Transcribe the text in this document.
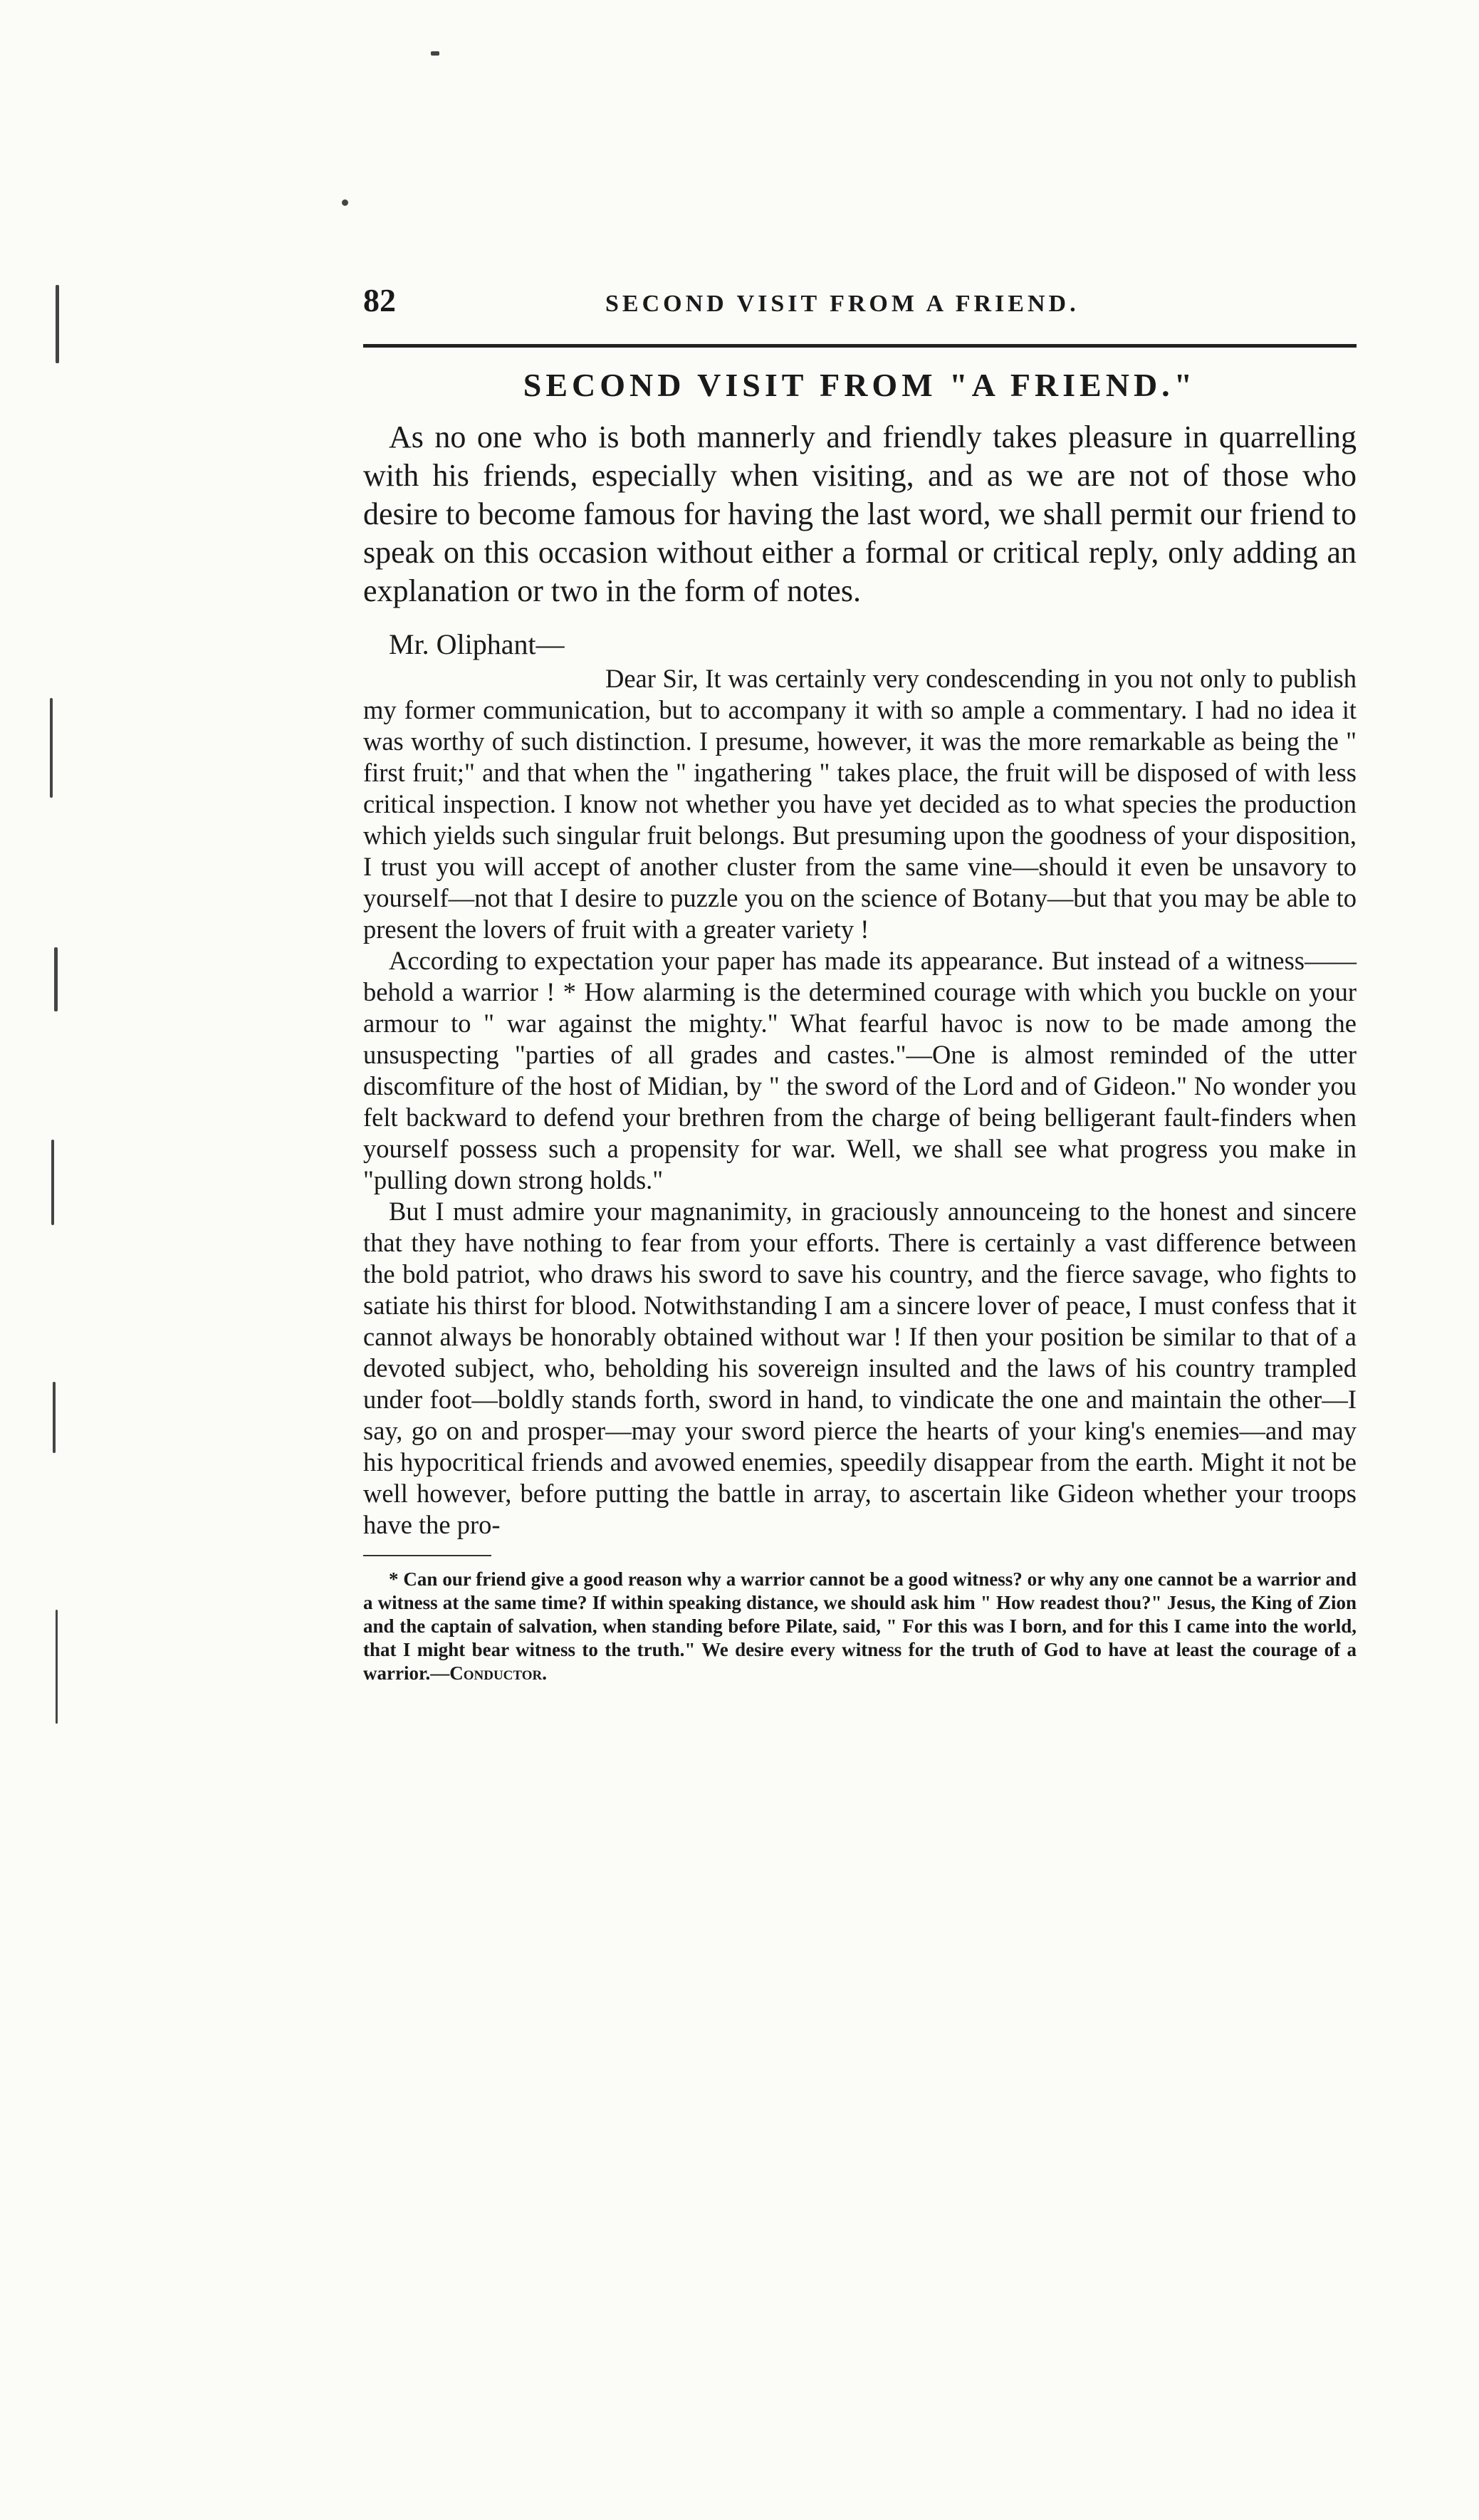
82	SECOND VISIT FROM A FRIEND.
SECOND VISIT FROM "A FRIEND."

As no one who is both mannerly and friendly takes pleasure in quarrelling with his friends, especially when visiting, and as we are not of those who desire to become famous for having the last word, we shall permit our friend to speak on this occasion without either a formal or critical reply, only adding an explanation or two in the form of notes.

Mr. Oliphant—

Dear Sir, It was certainly very condescending in you not only to publish my former communication, but to accompany it with so ample a commentary. I had no idea it was worthy of such distinction. I presume, however, it was the more remarkable as being the " first fruit;" and that when the " ingathering " takes place, the fruit will be disposed of with less critical inspection. I know not whether you have yet decided as to what species the production which yields such singular fruit belongs. But presuming upon the goodness of your disposition, I trust you will accept of another cluster from the same vine—should it even be unsavory to yourself—not that I desire to puzzle you on the science of Botany—but that you may be able to present the lovers of fruit with a greater variety !

According to expectation your paper has made its appearance. But instead of a witness——behold a warrior ! * How alarming is the determined courage with which you buckle on your armour to " war against the mighty." What fearful havoc is now to be made among the unsuspecting "parties of all grades and castes."—One is almost reminded of the utter discomfiture of the host of Midian, by " the sword of the Lord and of Gideon." No wonder you felt backward to defend your brethren from the charge of being belligerant fault-finders when yourself possess such a propensity for war. Well, we shall see what progress you make in "pulling down strong holds."

But I must admire your magnanimity, in graciously announceing to the honest and sincere that they have nothing to fear from your efforts. There is certainly a vast difference between the bold patriot, who draws his sword to save his country, and the fierce savage, who fights to satiate his thirst for blood. Notwithstanding I am a sincere lover of peace, I must confess that it cannot always be honorably obtained without war ! If then your position be similar to that of a devoted subject, who, beholding his sovereign insulted and the laws of his country trampled under foot—boldly stands forth, sword in hand, to vindicate the one and maintain the other—I say, go on and prosper—may your sword pierce the hearts of your king's enemies—and may his hypocritical friends and avowed enemies, speedily disappear from the earth. Might it not be well however, before putting the battle in array, to ascertain like Gideon whether your troops have the pro-

* Can our friend give a good reason why a warrior cannot be a good witness? or why any one cannot be a warrior and a witness at the same time? If within speaking distance, we should ask him " How readest thou?" Jesus, the King of Zion and the captain of salvation, when standing before Pilate, said, " For this was I born, and for this I came into the world, that I might bear witness to the truth." We desire every witness for the truth of God to have at least the courage of a warrior.—Conductor.
